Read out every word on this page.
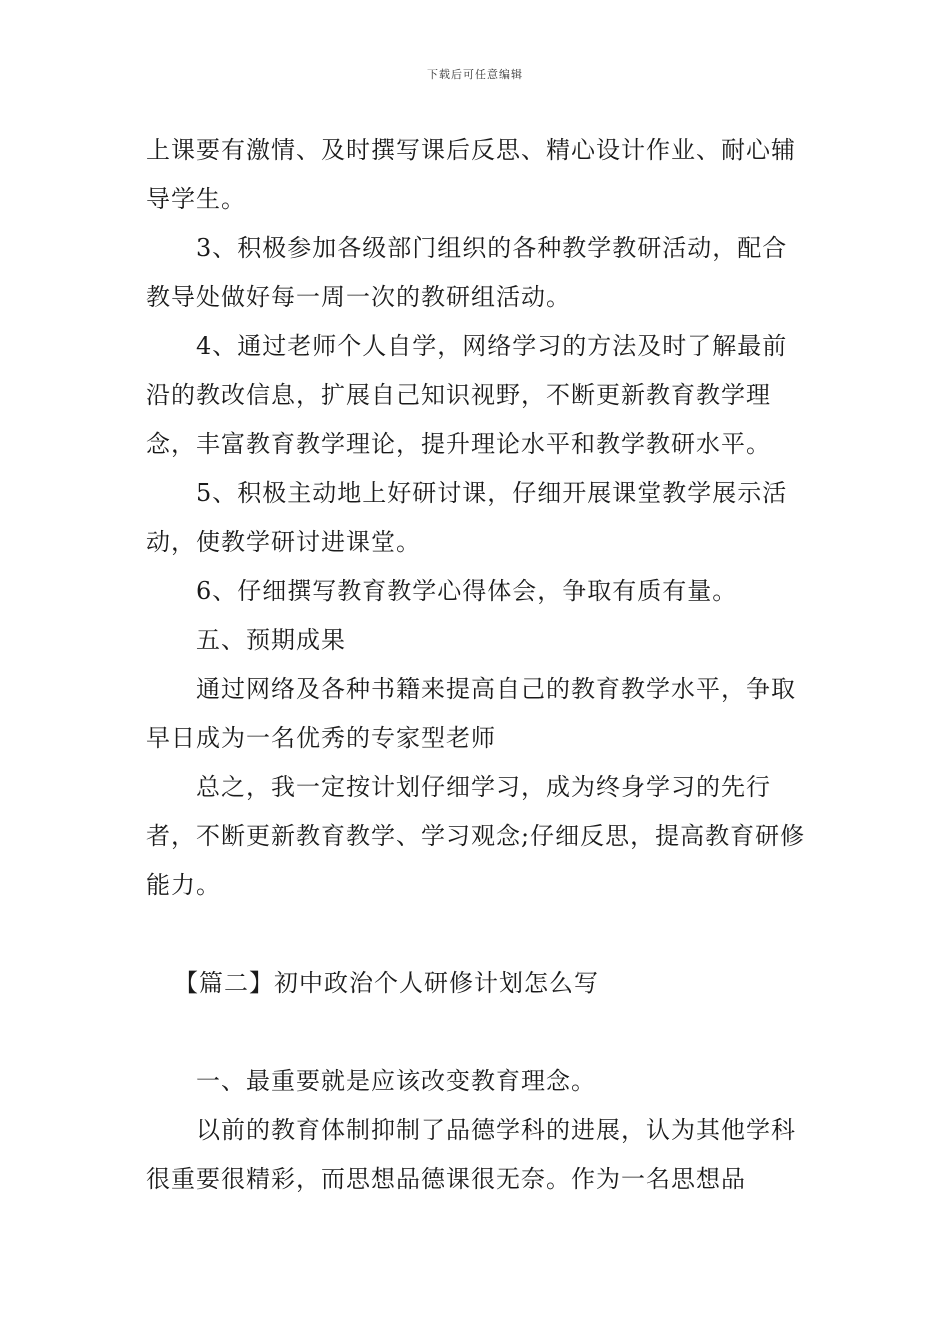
下载后可任意编辑

上课要有激情、及时撰写课后反思、精心设计作业、耐心辅导学生。

3、积极参加各级部门组织的各种教学教研活动，配合教导处做好每一周一次的教研组活动。

4、通过老师个人自学，网络学习的方法及时了解最前沿的教改信息，扩展自己知识视野，不断更新教育教学理念，丰富教育教学理论，提升理论水平和教学教研水平。

5、积极主动地上好研讨课，仔细开展课堂教学展示活动，使教学研讨进课堂。

6、仔细撰写教育教学心得体会，争取有质有量。

五、预期成果

通过网络及各种书籍来提高自己的教育教学水平，争取早日成为一名优秀的专家型老师

总之，我一定按计划仔细学习，成为终身学习的先行者，不断更新教育教学、学习观念;仔细反思，提高教育研修能力。

【篇二】初中政治个人研修计划怎么写

一、最重要就是应该改变教育理念。

以前的教育体制抑制了品德学科的进展，认为其他学科很重要很精彩，而思想品德课很无奈。作为一名思想品
